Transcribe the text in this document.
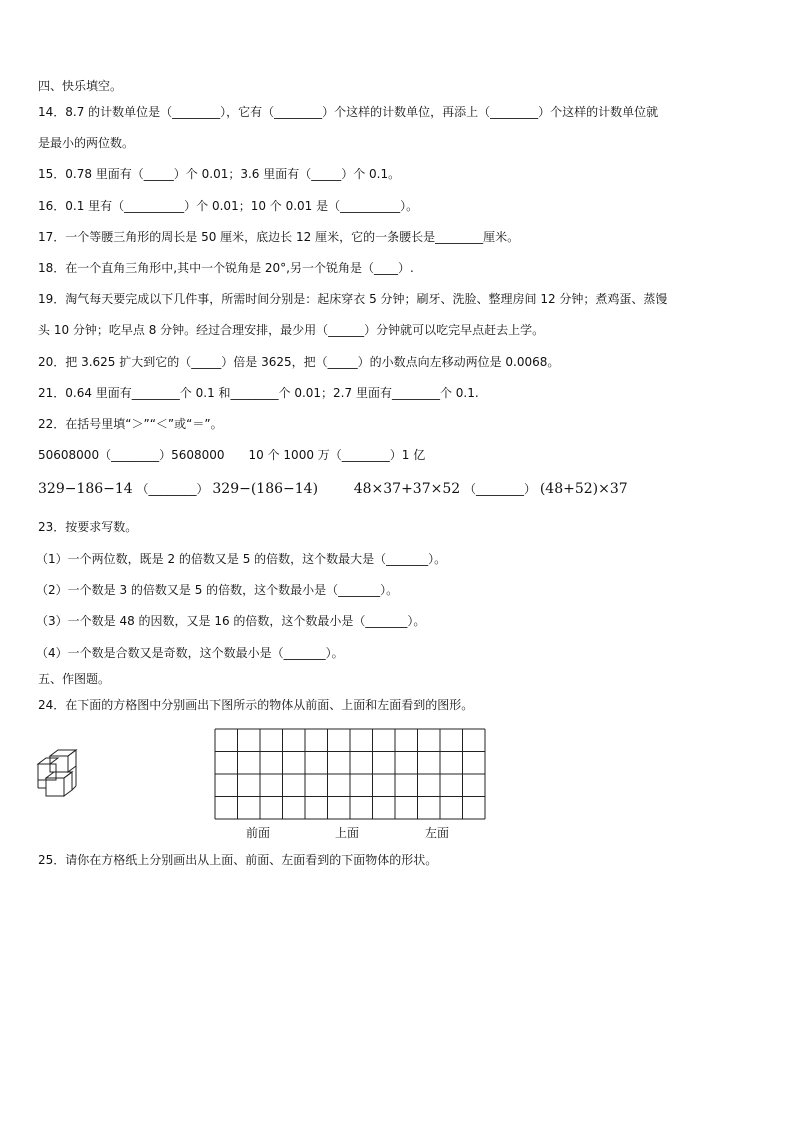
四、快乐填空。
14．8.7 的计数单位是（________），它有（________）个这样的计数单位，再添上（________）个这样的计数单位就
是最小的两位数。
15．0.78 里面有（_____）个 0.01；3.6 里面有（_____）个 0.1。
16．0.1 里有（__________）个 0.01；10 个 0.01 是（__________）。
17．一个等腰三角形的周长是 50 厘米，底边长 12 厘米，它的一条腰长是________厘米。
18．在一个直角三角形中,其中一个锐角是 20°,另一个锐角是（____）.
19．淘气每天要完成以下几件事，所需时间分别是：起床穿衣 5 分钟；刷牙、洗脸、整理房间 12 分钟；煮鸡蛋、蒸馒
头 10 分钟；吃早点 8 分钟。经过合理安排，最少用（______）分钟就可以吃完早点赶去上学。
20．把 3.625 扩大到它的（_____）倍是 3625，把（_____）的小数点向左移动两位是 0.0068。
21．0.64 里面有________个 0.1 和________个 0.01；2.7 里面有________个 0.1.
22．在括号里填“＞”“＜”或“＝”。
50608000（________）5608000　　10 个 1000 万（________）1 亿
329−186−14 （________） 329−(186−14)	48×37+37×52 （________） (48+52)×37
23．按要求写数。
（1）一个两位数，既是 2 的倍数又是 5 的倍数，这个数最大是（_______）。
（2）一个数是 3 的倍数又是 5 的倍数，这个数最小是（_______）。
（3）一个数是 48 的因数，又是 16 的倍数，这个数最小是（_______）。
（4）一个数是合数又是奇数，这个数最小是（_______）。
五、作图题。
24．在下面的方格图中分别画出下图所示的物体从前面、上面和左面看到的图形。
前面	上面	左面
25．请你在方格纸上分别画出从上面、前面、左面看到的下面物体的形状。
